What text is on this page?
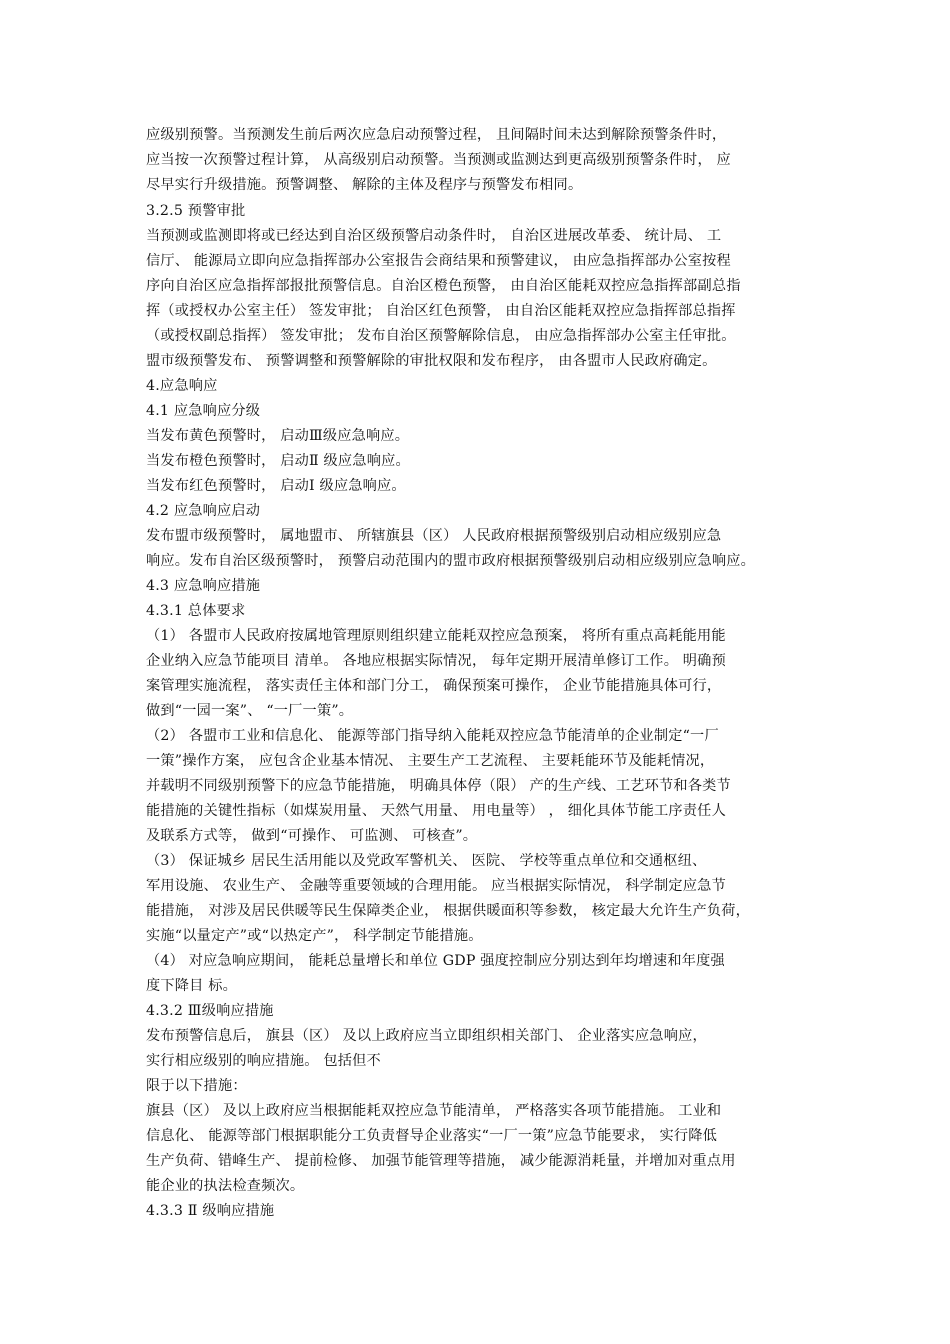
应级别预警。当预测发生前后两次应急启动预警过程， 且间隔时间未达到解除预警条件时，
应当按一次预警过程计算， 从高级别启动预警。当预测或监测达到更高级别预警条件时， 应
尽早实行升级措施。预警调整、 解除的主体及程序与预警发布相同。
3.2.5 预警审批
当预测或监测即将或已经达到自治区级预警启动条件时， 自治区进展改革委、 统计局、 工
信厅、 能源局立即向应急指挥部办公室报告会商结果和预警建议， 由应急指挥部办公室按程
序向自治区应急指挥部报批预警信息。自治区橙色预警， 由自治区能耗双控应急指挥部副总指
挥（或授权办公室主任） 签发审批； 自治区红色预警， 由自治区能耗双控应急指挥部总指挥
（或授权副总指挥） 签发审批； 发布自治区预警解除信息， 由应急指挥部办公室主任审批。
盟市级预警发布、 预警调整和预警解除的审批权限和发布程序， 由各盟市人民政府确定。
4.应急响应
4.1 应急响应分级
当发布黄色预警时， 启动Ⅲ级应急响应。
当发布橙色预警时， 启动Ⅱ 级应急响应。
当发布红色预警时， 启动Ⅰ 级应急响应。
4.2 应急响应启动
发布盟市级预警时， 属地盟市、 所辖旗县（区） 人民政府根据预警级别启动相应级别应急
响应。发布自治区级预警时， 预警启动范围内的盟市政府根据预警级别启动相应级别应急响应。
4.3 应急响应措施
4.3.1 总体要求
（1） 各盟市人民政府按属地管理原则组织建立能耗双控应急预案， 将所有重点高耗能用能
企业纳入应急节能项目 清单。 各地应根据实际情况， 每年定期开展清单修订工作。 明确预
案管理实施流程， 落实责任主体和部门分工， 确保预案可操作， 企业节能措施具体可行，
做到“一园一案”、 “一厂一策”。
（2） 各盟市工业和信息化、 能源等部门指导纳入能耗双控应急节能清单的企业制定“一厂
一策”操作方案， 应包含企业基本情况、 主要生产工艺流程、 主要耗能环节及能耗情况，
并载明不同级别预警下的应急节能措施， 明确具体停（限） 产的生产线、工艺环节和各类节
能措施的关键性指标（如煤炭用量、 天然气用量、 用电量等） ， 细化具体节能工序责任人
及联系方式等， 做到“可操作、 可监测、 可核查”。
（3） 保证城乡 居民生活用能以及党政军警机关、 医院、 学校等重点单位和交通枢纽、
军用设施、 农业生产、 金融等重要领域的合理用能。 应当根据实际情况， 科学制定应急节
能措施， 对涉及居民供暖等民生保障类企业， 根据供暖面积等参数， 核定最大允许生产负荷，
实施“以量定产”或“以热定产”， 科学制定节能措施。
（4） 对应急响应期间， 能耗总量增长和单位 GDP 强度控制应分别达到年均增速和年度强
度下降目 标。
4.3.2 Ⅲ级响应措施
发布预警信息后， 旗县（区） 及以上政府应当立即组织相关部门、 企业落实应急响应，
实行相应级别的响应措施。 包括但不
限于以下措施：
旗县（区） 及以上政府应当根据能耗双控应急节能清单， 严格落实各项节能措施。 工业和
信息化、 能源等部门根据职能分工负责督导企业落实“一厂一策”应急节能要求， 实行降低
生产负荷、错峰生产、 提前检修、 加强节能管理等措施， 减少能源消耗量，并增加对重点用
能企业的执法检查频次。
4.3.3 Ⅱ 级响应措施
